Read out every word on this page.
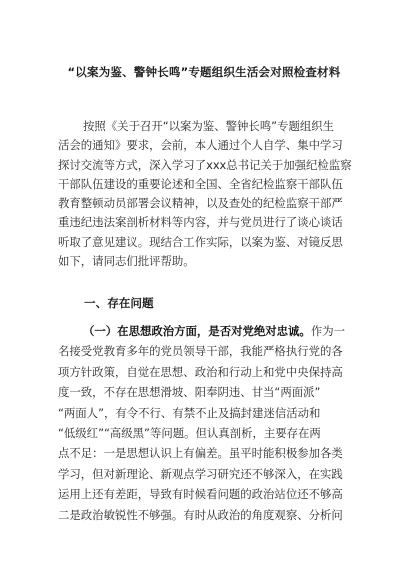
“以案为鉴、警钟长鸣”专题组织生活会对照检查材料
按照《关于召开“以案为鉴、警钟长鸣”专题组织生
活会的通知》要求，会前，本人通过个人自学、集中学习
探讨交流等方式，深入学习了xxx总书记关于加强纪检监察
干部队伍建设的重要论述和全国、全省纪检监察干部队伍
教育整顿动员部署会议精神，以及查处的纪检监察干部严
重违纪违法案剖析材料等内容，并与党员进行了谈心谈话
听取了意见建议。现结合工作实际，以案为鉴、对镜反思
如下，请同志们批评帮助。
一、存在问题
（一）在思想政治方面，是否对党绝对忠诚。作为一
名接受党教育多年的党员领导干部，我能严格执行党的各
项方针政策，自觉在思想、政治和行动上和党中央保持高
度一致，不存在思想滑坡、阳奉阴违、甘当“两面派”
“两面人”，有令不行、有禁不止及搞封建迷信活动和
“低级红”“高级黑”等问题。但认真剖析，主要存在两
点不足：一是思想认识上有偏差。虽平时能积极参加各类
学习，但对新理论、新观点学习研究还不够深入，在实践
运用上还有差距，导致有时候看问题的政治站位还不够高
二是政治敏锐性不够强。有时从政治的角度观察、分析问
